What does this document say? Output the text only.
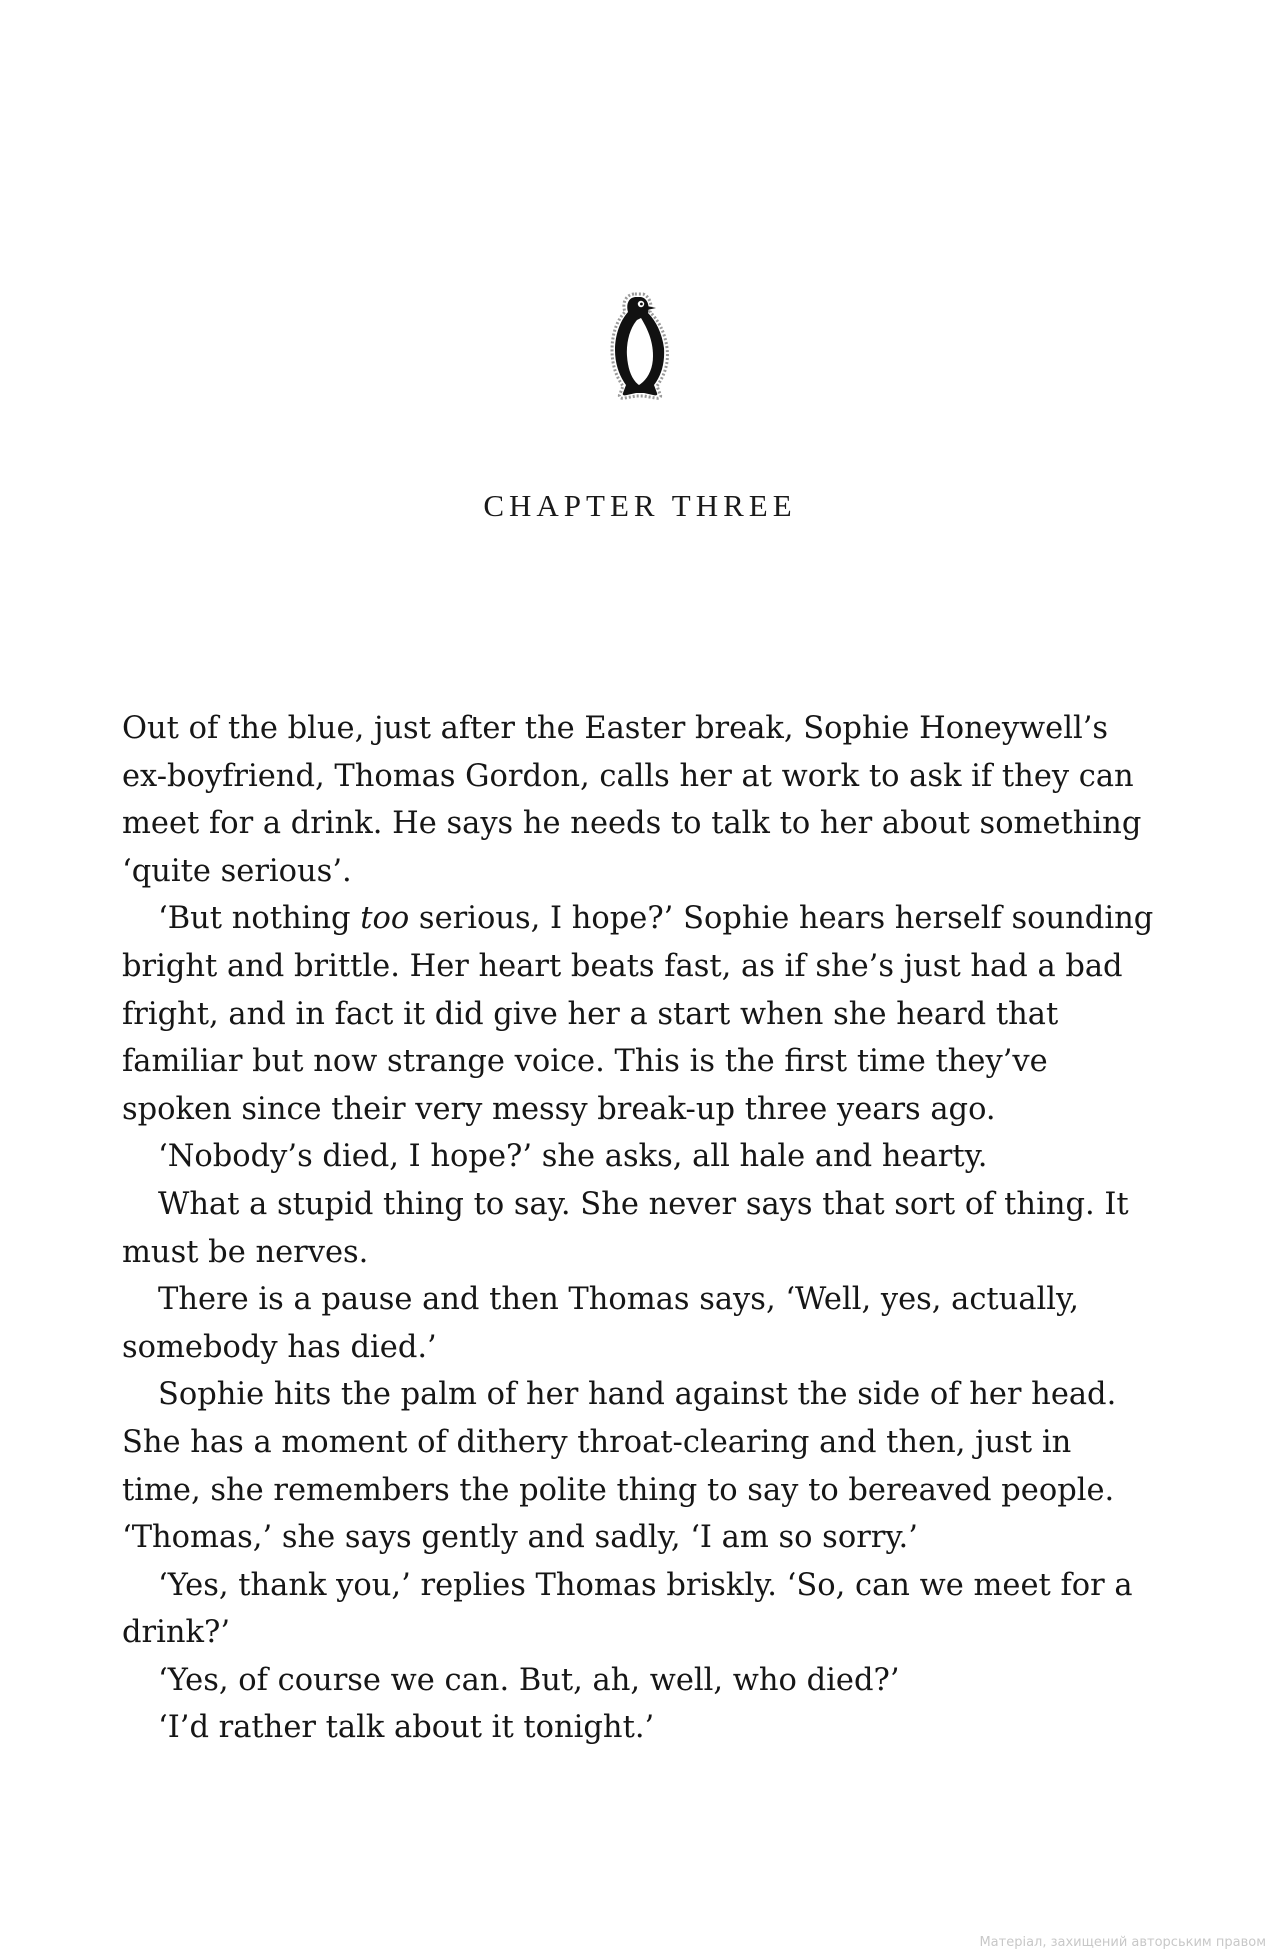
CHAPTER THREE
Out of the blue, just after the Easter break, Sophie Honeywell’s
ex-boyfriend, Thomas Gordon, calls her at work to ask if they can
meet for a drink. He says he needs to talk to her about something
‘quite serious’.
‘But nothing too serious, I hope?’ Sophie hears herself sounding
bright and brittle. Her heart beats fast, as if she’s just had a bad
fright, and in fact it did give her a start when she heard that
familiar but now strange voice. This is the first time they’ve
spoken since their very messy break-up three years ago.
‘Nobody’s died, I hope?’ she asks, all hale and hearty.
What a stupid thing to say. She never says that sort of thing. It
must be nerves.
There is a pause and then Thomas says, ‘Well, yes, actually,
somebody has died.’
Sophie hits the palm of her hand against the side of her head.
She has a moment of dithery throat-clearing and then, just in
time, she remembers the polite thing to say to bereaved people.
‘Thomas,’ she says gently and sadly, ‘I am so sorry.’
‘Yes, thank you,’ replies Thomas briskly. ‘So, can we meet for a
drink?’
‘Yes, of course we can. But, ah, well, who died?’
‘I’d rather talk about it tonight.’
Матеріал, захищений авторським правом
